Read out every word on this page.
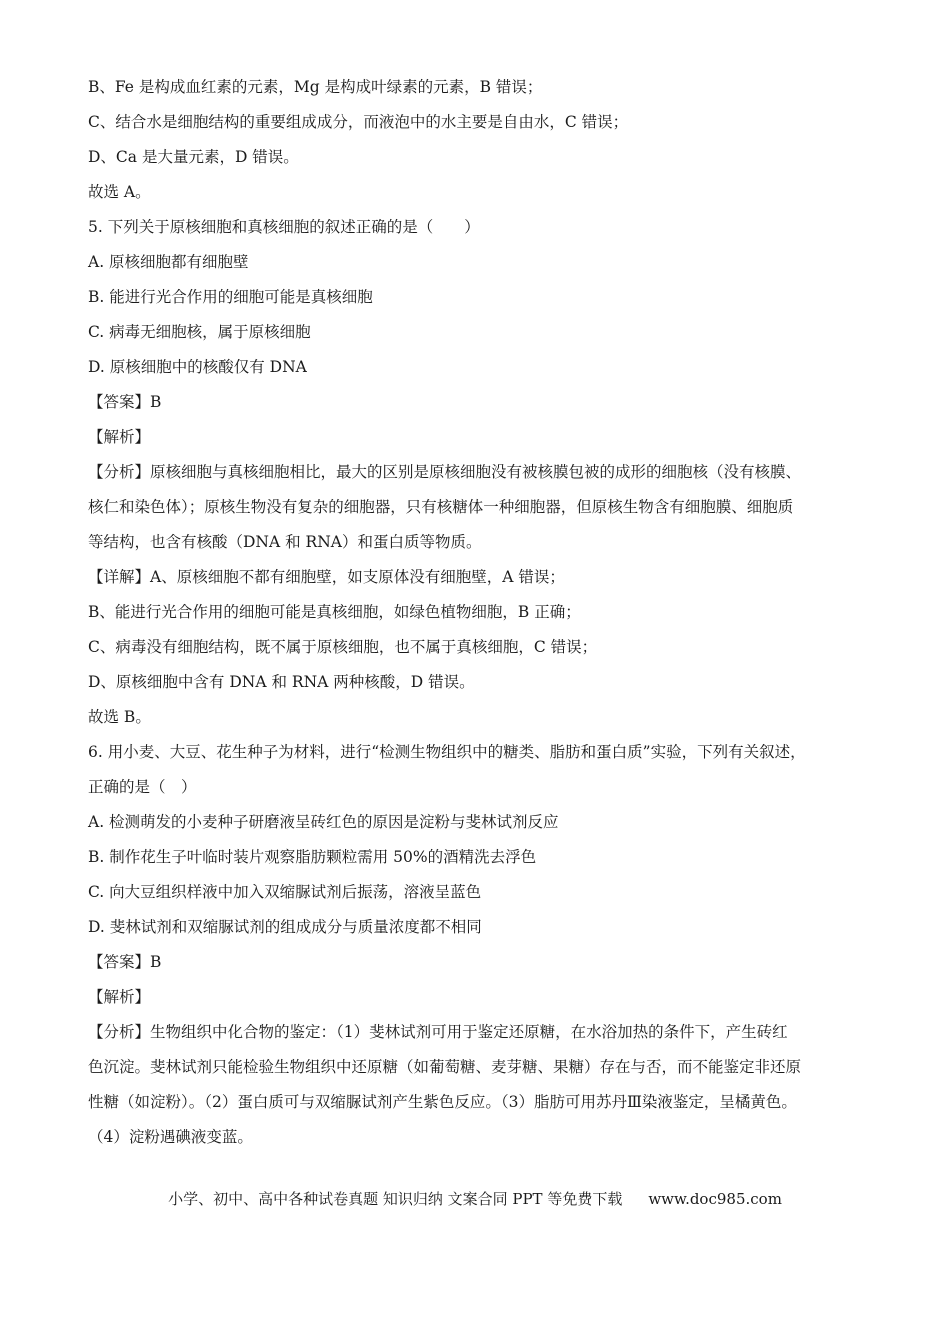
B、Fe 是构成血红素的元素，Mg 是构成叶绿素的元素，B 错误；
C、结合水是细胞结构的重要组成成分，而液泡中的水主要是自由水，C 错误；
D、Ca 是大量元素，D 错误。
故选 A。
5. 下列关于原核细胞和真核细胞的叙述正确的是（　　）
A. 原核细胞都有细胞壁
B. 能进行光合作用的细胞可能是真核细胞
C. 病毒无细胞核，属于原核细胞
D. 原核细胞中的核酸仅有 DNA
【答案】B
【解析】
【分析】原核细胞与真核细胞相比，最大的区别是原核细胞没有被核膜包被的成形的细胞核（没有核膜、
核仁和染色体）；原核生物没有复杂的细胞器，只有核糖体一种细胞器，但原核生物含有细胞膜、细胞质
等结构，也含有核酸（DNA 和 RNA）和蛋白质等物质。
【详解】A、原核细胞不都有细胞壁，如支原体没有细胞壁，A 错误；
B、能进行光合作用的细胞可能是真核细胞，如绿色植物细胞，B 正确；
C、病毒没有细胞结构，既不属于原核细胞，也不属于真核细胞，C 错误；
D、原核细胞中含有 DNA 和 RNA 两种核酸，D 错误。
故选 B。
6. 用小麦、大豆、花生种子为材料，进行“检测生物组织中的糖类、脂肪和蛋白质”实验，下列有关叙述，
正确的是（　）
A. 检测萌发的小麦种子研磨液呈砖红色的原因是淀粉与斐林试剂反应
B. 制作花生子叶临时装片观察脂肪颗粒需用 50%的酒精洗去浮色
C. 向大豆组织样液中加入双缩脲试剂后振荡，溶液呈蓝色
D. 斐林试剂和双缩脲试剂的组成成分与质量浓度都不相同
【答案】B
【解析】
【分析】生物组织中化合物的鉴定：（1）斐林试剂可用于鉴定还原糖，在水浴加热的条件下，产生砖红
色沉淀。斐林试剂只能检验生物组织中还原糖（如葡萄糖、麦芽糖、果糖）存在与否，而不能鉴定非还原
性糖（如淀粉）。（2）蛋白质可与双缩脲试剂产生紫色反应。（3）脂肪可用苏丹Ⅲ染液鉴定，呈橘黄色。
（4）淀粉遇碘液变蓝。
小学、初中、高中各种试卷真题 知识归纳 文案合同 PPT 等免费下载 www.doc985.com
